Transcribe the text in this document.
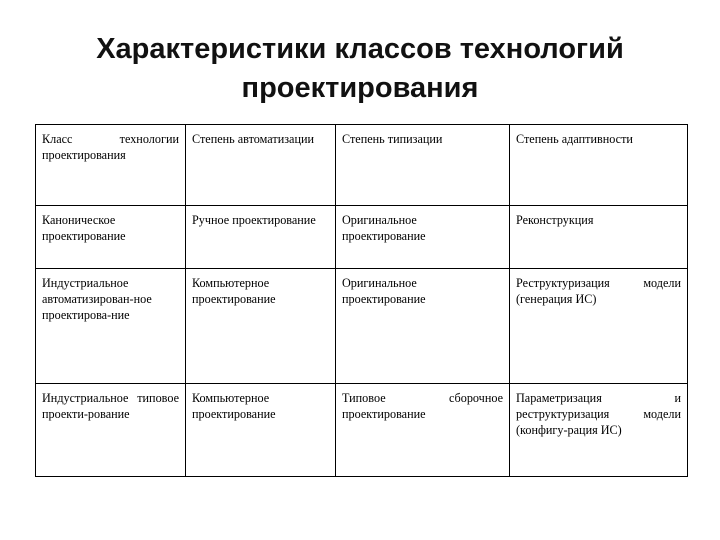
Характеристики классов технологий
проектирования
Класс технологии проектирования	Степень автоматизации	Степень типизации	Степень адаптивности
Каноническое проектирование	Ручное проектирование	Оригинальное проектирование	Реконструкция
Индустриальное автоматизирован-ное проектирова-ние	Компьютерное проектирование	Оригинальное проектирование	Реструктуризация модели (генерация ИС)
Индустриальное типовое проекти-рование	Компьютерное проектирование	Типовое сборочное проектирование	Параметризация и реструктуризация модели (конфигу-рация ИС)
